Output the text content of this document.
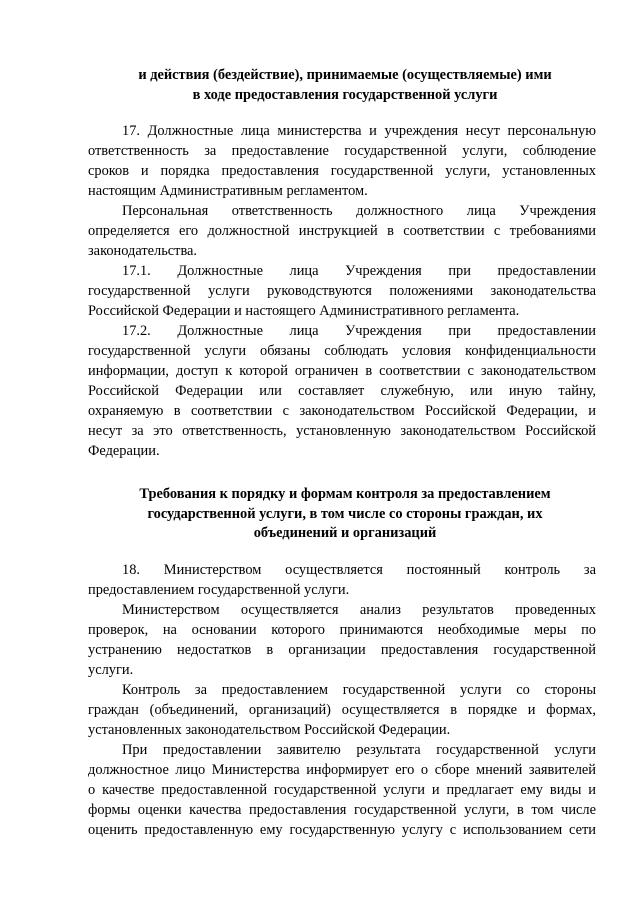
и действия (бездействие), принимаемые (осуществляемые) ими
в ходе предоставления государственной услуги
17. Должностные лица министерства и учреждения несут персональную
ответственность за предоставление государственной услуги, соблюдение
сроков и порядка предоставления государственной услуги, установленных
настоящим Административным регламентом.
Персональная ответственность должностного лица Учреждения
определяется его должностной инструкцией в соответствии с требованиями
законодательства.
17.1. Должностные лица Учреждения при предоставлении
государственной услуги руководствуются положениями законодательства
Российской Федерации и настоящего Административного регламента.
17.2. Должностные лица Учреждения при предоставлении
государственной услуги обязаны соблюдать условия конфиденциальности
информации, доступ к которой ограничен в соответствии с законодательством
Российской Федерации или составляет служебную, или иную тайну,
охраняемую в соответствии с законодательством Российской Федерации, и
несут за это ответственность, установленную законодательством Российской
Федерации.
Требования к порядку и формам контроля за предоставлением
государственной услуги, в том числе со стороны граждан, их
объединений и организаций
18. Министерством осуществляется постоянный контроль за
предоставлением государственной услуги.
Министерством осуществляется анализ результатов проведенных
проверок, на основании которого принимаются необходимые меры по
устранению недостатков в организации предоставления государственной
услуги.
Контроль за предоставлением государственной услуги со стороны
граждан (объединений, организаций) осуществляется в порядке и формах,
установленных законодательством Российской Федерации.
При предоставлении заявителю результата государственной услуги
должностное лицо Министерства информирует его о сборе мнений заявителей
о качестве предоставленной государственной услуги и предлагает ему виды и
формы оценки качества предоставления государственной услуги, в том числе
оценить предоставленную ему государственную услугу с использованием сети
